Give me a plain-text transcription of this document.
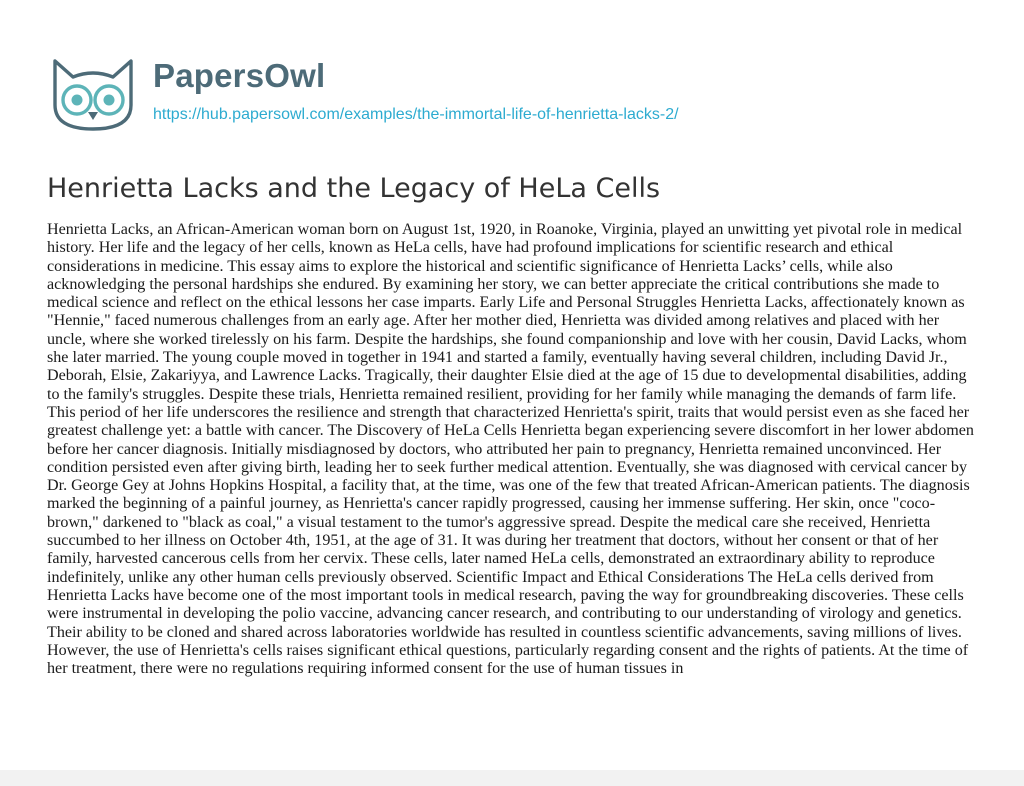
PapersOwl
https://hub.papersowl.com/examples/the-immortal-life-of-henrietta-lacks-2/
Henrietta Lacks and the Legacy of HeLa Cells

Henrietta Lacks, an African-American woman born on August 1st, 1920, in Roanoke, Virginia, played an unwitting yet pivotal role in medical history. Her life and the legacy of her cells, known as HeLa cells, have had profound implications for scientific research and ethical considerations in medicine. This essay aims to explore the historical and scientific significance of Henrietta Lacks’ cells, while also acknowledging the personal hardships she endured. By examining her story, we can better appreciate the critical contributions she made to medical science and reflect on the ethical lessons her case imparts. Early Life and Personal Struggles Henrietta Lacks, affectionately known as "Hennie," faced numerous challenges from an early age. After her mother died, Henrietta was divided among relatives and placed with her uncle, where she worked tirelessly on his farm. Despite the hardships, she found companionship and love with her cousin, David Lacks, whom she later married. The young couple moved in together in 1941 and started a family, eventually having several children, including David Jr., Deborah, Elsie, Zakariyya, and Lawrence Lacks. Tragically, their daughter Elsie died at the age of 15 due to developmental disabilities, adding to the family's struggles. Despite these trials, Henrietta remained resilient, providing for her family while managing the demands of farm life. This period of her life underscores the resilience and strength that characterized Henrietta's spirit, traits that would persist even as she faced her greatest challenge yet: a battle with cancer. The Discovery of HeLa Cells Henrietta began experiencing severe discomfort in her lower abdomen before her cancer diagnosis. Initially misdiagnosed by doctors, who attributed her pain to pregnancy, Henrietta remained unconvinced. Her condition persisted even after giving birth, leading her to seek further medical attention. Eventually, she was diagnosed with cervical cancer by Dr. George Gey at Johns Hopkins Hospital, a facility that, at the time, was one of the few that treated African-American patients. The diagnosis marked the beginning of a painful journey, as Henrietta's cancer rapidly progressed, causing her immense suffering. Her skin, once "coco-brown," darkened to "black as coal," a visual testament to the tumor's aggressive spread. Despite the medical care she received, Henrietta succumbed to her illness on October 4th, 1951, at the age of 31. It was during her treatment that doctors, without her consent or that of her family, harvested cancerous cells from her cervix. These cells, later named HeLa cells, demonstrated an extraordinary ability to reproduce indefinitely, unlike any other human cells previously observed. Scientific Impact and Ethical Considerations The HeLa cells derived from Henrietta Lacks have become one of the most important tools in medical research, paving the way for groundbreaking discoveries. These cells were instrumental in developing the polio vaccine, advancing cancer research, and contributing to our understanding of virology and genetics. Their ability to be cloned and shared across laboratories worldwide has resulted in countless scientific advancements, saving millions of lives. However, the use of Henrietta's cells raises significant ethical questions, particularly regarding consent and the rights of patients. At the time of her treatment, there were no regulations requiring informed consent for the use of human tissues in
